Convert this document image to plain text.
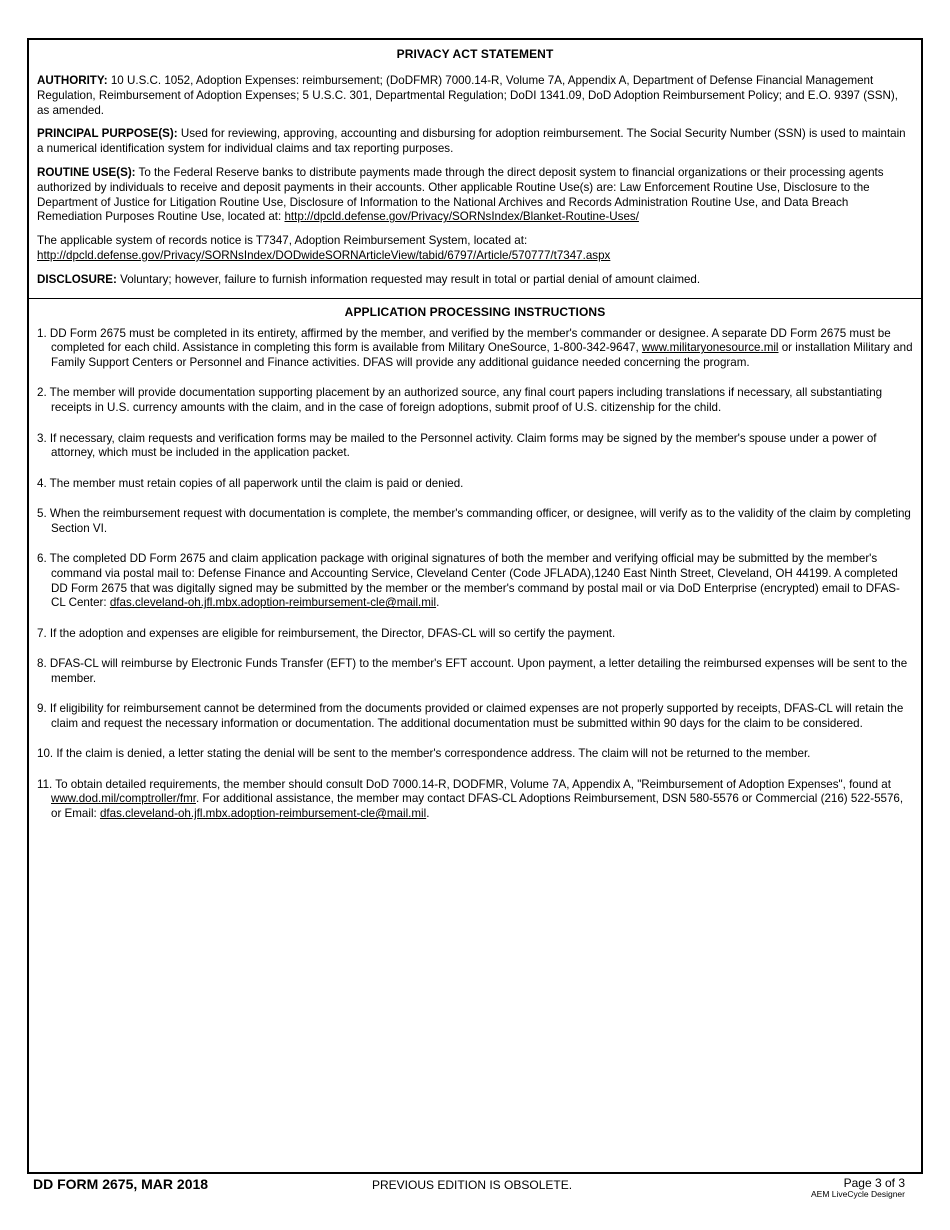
PRIVACY ACT STATEMENT

AUTHORITY: 10 U.S.C. 1052, Adoption Expenses: reimbursement; (DoDFMR) 7000.14-R, Volume 7A, Appendix A, Department of Defense Financial Management Regulation, Reimbursement of Adoption Expenses; 5 U.S.C. 301, Departmental Regulation; DoDI 1341.09, DoD Adoption Reimbursement Policy; and E.O. 9397 (SSN), as amended.

PRINCIPAL PURPOSE(S): Used for reviewing, approving, accounting and disbursing for adoption reimbursement. The Social Security Number (SSN) is used to maintain a numerical identification system for individual claims and tax reporting purposes.

ROUTINE USE(S): To the Federal Reserve banks to distribute payments made through the direct deposit system to financial organizations or their processing agents authorized by individuals to receive and deposit payments in their accounts. Other applicable Routine Use(s) are: Law Enforcement Routine Use, Disclosure to the Department of Justice for Litigation Routine Use, Disclosure of Information to the National Archives and Records Administration Routine Use, and Data Breach Remediation Purposes Routine Use, located at: http://dpcld.defense.gov/Privacy/SORNsIndex/Blanket-Routine-Uses/

The applicable system of records notice is T7347, Adoption Reimbursement System, located at: http://dpcld.defense.gov/Privacy/SORNsIndex/DODwideSORNArticleView/tabid/6797/Article/570777/t7347.aspx

DISCLOSURE: Voluntary; however, failure to furnish information requested may result in total or partial denial of amount claimed.

APPLICATION PROCESSING INSTRUCTIONS
1. DD Form 2675 must be completed in its entirety, affirmed by the member, and verified by the member's commander or designee. A separate DD Form 2675 must be completed for each child. Assistance in completing this form is available from Military OneSource, 1-800-342-9647, www.militaryonesource.mil or installation Military and Family Support Centers or Personnel and Finance activities. DFAS will provide any additional guidance needed concerning the program.
2. The member will provide documentation supporting placement by an authorized source, any final court papers including translations if necessary, all substantiating receipts in U.S. currency amounts with the claim, and in the case of foreign adoptions, submit proof of U.S. citizenship for the child.
3. If necessary, claim requests and verification forms may be mailed to the Personnel activity. Claim forms may be signed by the member's spouse under a power of attorney, which must be included in the application packet.
4. The member must retain copies of all paperwork until the claim is paid or denied.
5. When the reimbursement request with documentation is complete, the member's commanding officer, or designee, will verify as to the validity of the claim by completing Section VI.
6. The completed DD Form 2675 and claim application package with original signatures of both the member and verifying official may be submitted by the member's command via postal mail to: Defense Finance and Accounting Service, Cleveland Center (Code JFLADA),1240 East Ninth Street, Cleveland, OH 44199. A completed DD Form 2675 that was digitally signed may be submitted by the member or the member's command by postal mail or via DoD Enterprise (encrypted) email to DFAS-CL Center: dfas.cleveland-oh.jfl.mbx.adoption-reimbursement-cle@mail.mil.
7. If the adoption and expenses are eligible for reimbursement, the Director, DFAS-CL will so certify the payment.
8. DFAS-CL will reimburse by Electronic Funds Transfer (EFT) to the member's EFT account. Upon payment, a letter detailing the reimbursed expenses will be sent to the member.
9. If eligibility for reimbursement cannot be determined from the documents provided or claimed expenses are not properly supported by receipts, DFAS-CL will retain the claim and request the necessary information or documentation. The additional documentation must be submitted within 90 days for the claim to be considered.
10. If the claim is denied, a letter stating the denial will be sent to the member's correspondence address. The claim will not be returned to the member.
11. To obtain detailed requirements, the member should consult DoD 7000.14-R, DODFMR, Volume 7A, Appendix A, "Reimbursement of Adoption Expenses", found at www.dod.mil/comptroller/fmr. For additional assistance, the member may contact DFAS-CL Adoptions Reimbursement, DSN 580-5576 or Commercial (216) 522-5576, or Email: dfas.cleveland-oh.jfl.mbx.adoption-reimbursement-cle@mail.mil.
DD FORM 2675, MAR 2018	PREVIOUS EDITION IS OBSOLETE.	Page 3 of 3
AEM LiveCycle Designer
